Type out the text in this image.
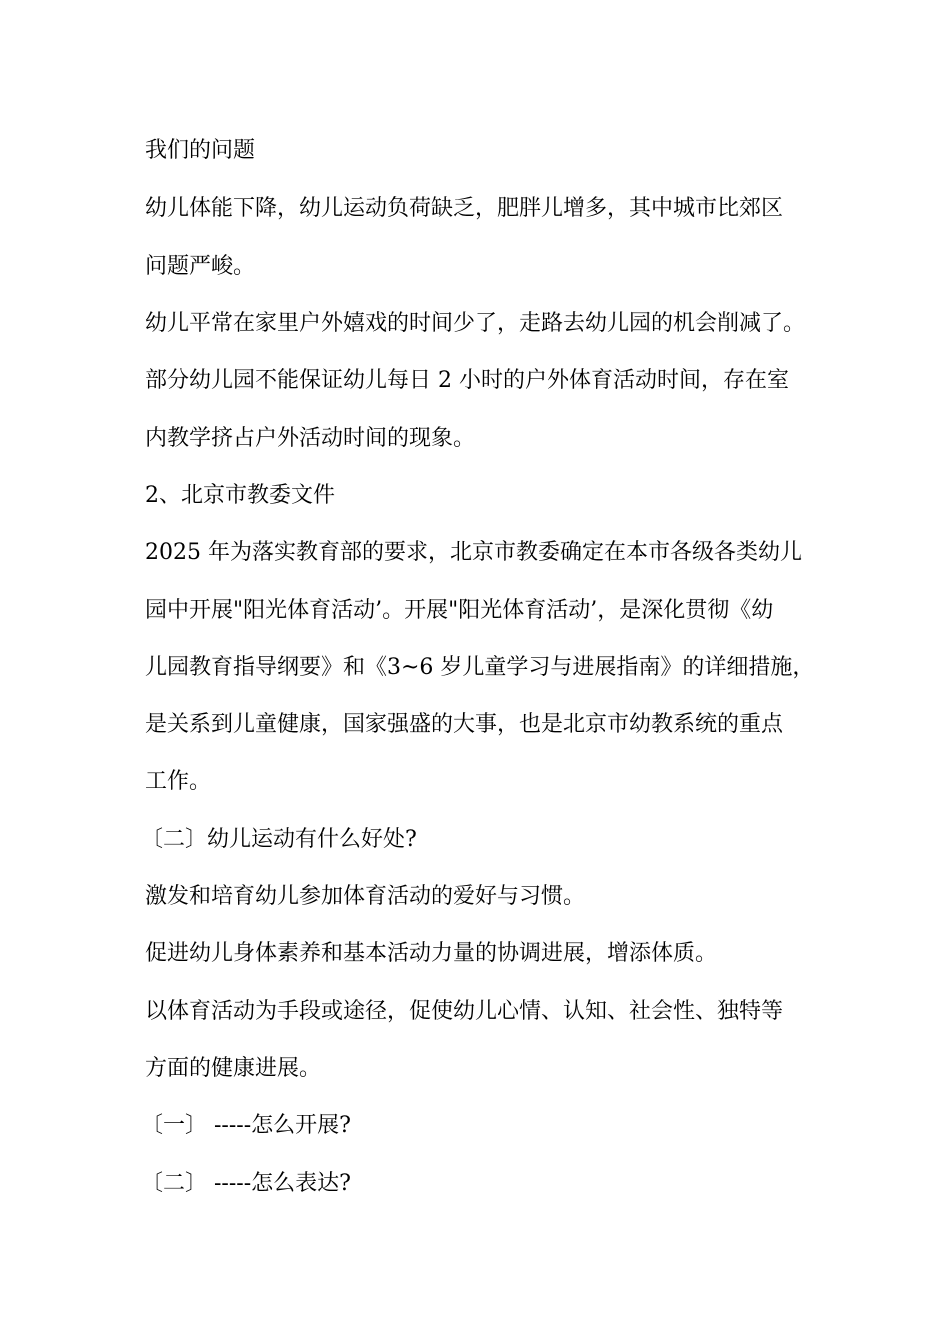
我们的问题
幼儿体能下降，幼儿运动负荷缺乏，肥胖儿增多，其中城市比郊区
问题严峻。
幼儿平常在家里户外嬉戏的时间少了，走路去幼儿园的机会削减了。
部分幼儿园不能保证幼儿每日 2 小时的户外体育活动时间，存在室
内教学挤占户外活动时间的现象。
2、北京市教委文件
2025 年为落实教育部的要求，北京市教委确定在本市各级各类幼儿
园中开展"阳光体育活动’。开展"阳光体育活动’，是深化贯彻《幼
儿园教育指导纲要》和《3~6 岁儿童学习与进展指南》的详细措施，
是关系到儿童健康，国家强盛的大事，也是北京市幼教系统的重点
工作。
〔二〕幼儿运动有什么好处?
激发和培育幼儿参加体育活动的爱好与习惯。
促进幼儿身体素养和基本活动力量的协调进展，增添体质。
以体育活动为手段或途径，促使幼儿心情、认知、社会性、独特等
方面的健康进展。
〔一〕 -----怎么开展?
〔二〕 -----怎么表达?
